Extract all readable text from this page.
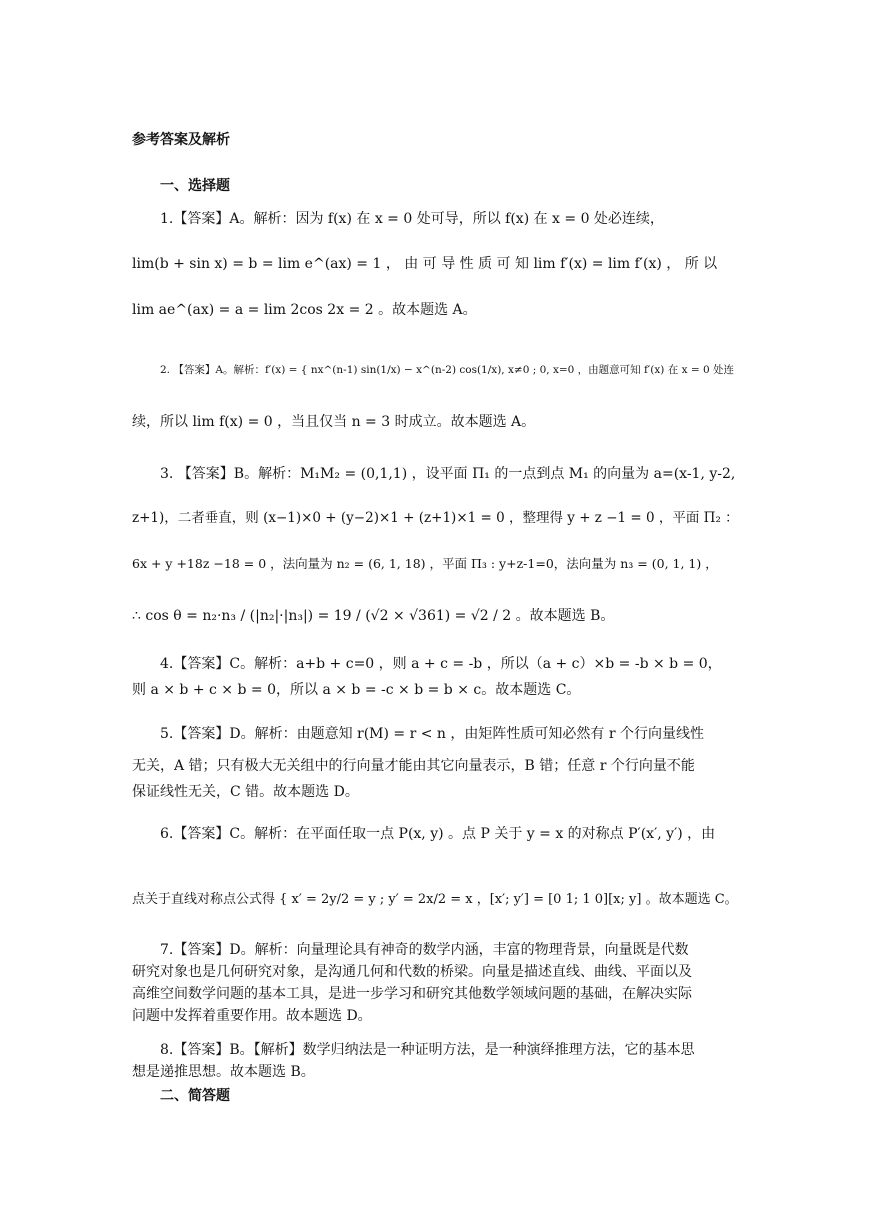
参考答案及解析
一、选择题
1.【答案】A。解析：因为 f(x) 在 x = 0 处可导，所以 f(x) 在 x = 0 处必连续，
lim(b + sin x) = b = lim e^(ax) = 1 ， 由 可 导 性 质 可 知 lim f′(x) = lim f′(x) ， 所 以
lim ae^(ax) = a = lim 2cos 2x = 2 。故本题选 A。
2. 【答案】A。解析：f′(x) = { nx^(n-1) sin(1/x) − x^(n-2) cos(1/x), x≠0 ; 0, x=0 ，由题意可知 f′(x) 在 x = 0 处连
续，所以 lim f(x) = 0 ，当且仅当 n = 3 时成立。故本题选 A。
3. 【答案】B。解析：M₁M₂ = (0,1,1) ，设平面 Π₁ 的一点到点 M₁ 的向量为 a=(x-1, y-2,
z+1)，二者垂直，则 (x−1)×0 + (y−2)×1 + (z+1)×1 = 0 ，整理得 y + z −1 = 0 ，平面 Π₂ ：
6x + y +18z −18 = 0 ，法向量为 n₂ = (6, 1, 18) ，平面 Π₃ : y+z-1=0，法向量为 n₃ = (0, 1, 1) ，
∴ cos θ = n₂·n₃ / (|n₂|·|n₃|) = 19 / (√2 × √361) = √2 / 2 。故本题选 B。
4.【答案】C。解析：a+b + c=0 ，则 a + c = -b ，所以（a + c）×b = -b × b = 0，
则 a × b + c × b = 0，所以 a × b = -c × b = b × c。故本题选 C。
5.【答案】D。解析：由题意知 r(M) = r < n ，由矩阵性质可知必然有 r 个行向量线性
无关，A 错；只有极大无关组中的行向量才能由其它向量表示，B 错；任意 r 个行向量不能
保证线性无关，C 错。故本题选 D。
6.【答案】C。解析：在平面任取一点 P(x, y) 。点 P 关于 y = x 的对称点 P′(x′, y′) ，由
点关于直线对称点公式得 { x′ = 2y/2 = y ; y′ = 2x/2 = x ，[x′; y′] = [0 1; 1 0][x; y] 。故本题选 C。
7.【答案】D。解析：向量理论具有神奇的数学内涵，丰富的物理背景，向量既是代数
研究对象也是几何研究对象，是沟通几何和代数的桥梁。向量是描述直线、曲线、平面以及
高维空间数学问题的基本工具，是进一步学习和研究其他数学领域问题的基础，在解决实际
问题中发挥着重要作用。故本题选 D。
8.【答案】B。【解析】数学归纳法是一种证明方法，是一种演绎推理方法，它的基本思
想是递推思想。故本题选 B。
二、简答题
